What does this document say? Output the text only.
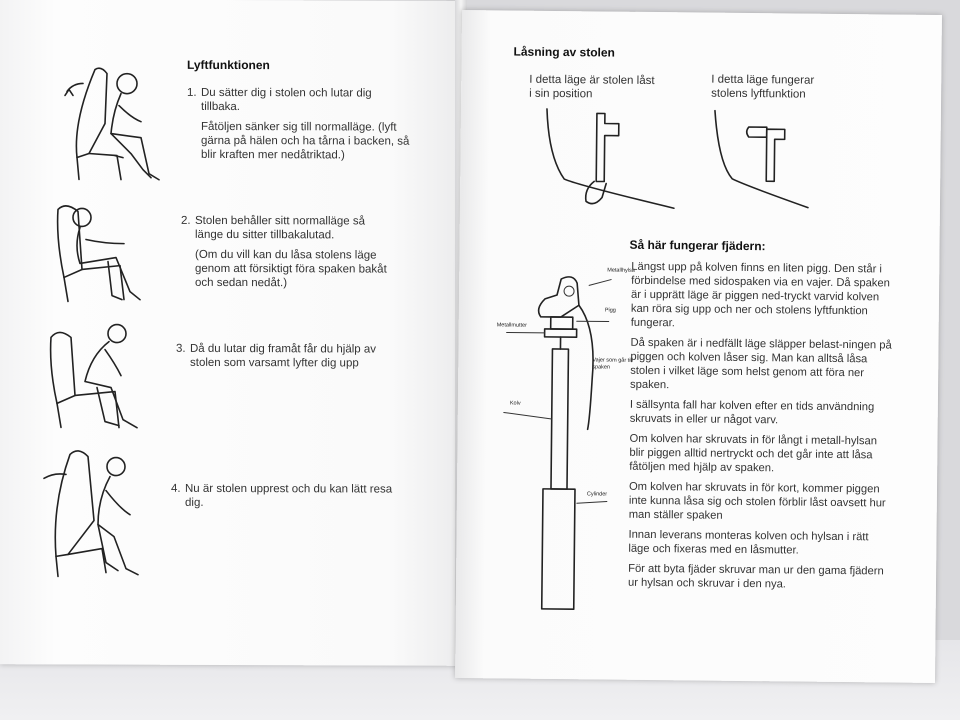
Lyftfunktionen

1. Du sätter dig i stolen och lutar dig tillbaka.

Fåtöljen sänker sig till normalläge. (lyft gärna på hälen och ha tårna i backen, så blir kraften mer nedåtriktad.)

2. Stolen behåller sitt normalläge så länge du sitter tillbakalutad.

(Om du vill kan du låsa stolens läge genom att försiktigt föra spaken bakåt och sedan nedåt.)

3. Då du lutar dig framåt får du hjälp av stolen som varsamt lyfter dig upp

4. Nu är stolen upprest och du kan lätt resa dig.

Låsning av stolen
I detta läge är stolen låst i sin position
I detta läge fungerar stolens lyftfunktion
Så här fungerar fjädern:
Metallhylsa
Pigg
Metallmutter
Vajer som går till spaken
Kolv
Cylinder

Längst upp på kolven finns en liten pigg. Den står i förbindelse med sidospaken via en vajer. Då spaken är i upprätt läge är piggen ned-tryckt varvid kolven kan röra sig upp och ner och stolens lyftfunktion fungerar.

Då spaken är i nedfällt läge släpper belast-ningen på piggen och kolven låser sig. Man kan alltså låsa stolen i vilket läge som helst genom att föra ner spaken.

I sällsynta fall har kolven efter en tids användning skruvats in eller ur något varv.

Om kolven har skruvats in för långt i metall-hylsan blir piggen alltid nertryckt och det går inte att låsa fåtöljen med hjälp av spaken.

Om kolven har skruvats in för kort, kommer piggen inte kunna låsa sig och stolen förblir låst oavsett hur man ställer spaken

Innan leverans monteras kolven och hylsan i rätt läge och fixeras med en låsmutter.

För att byta fjäder skruvar man ur den gama fjädern ur hylsan och skruvar i den nya.
